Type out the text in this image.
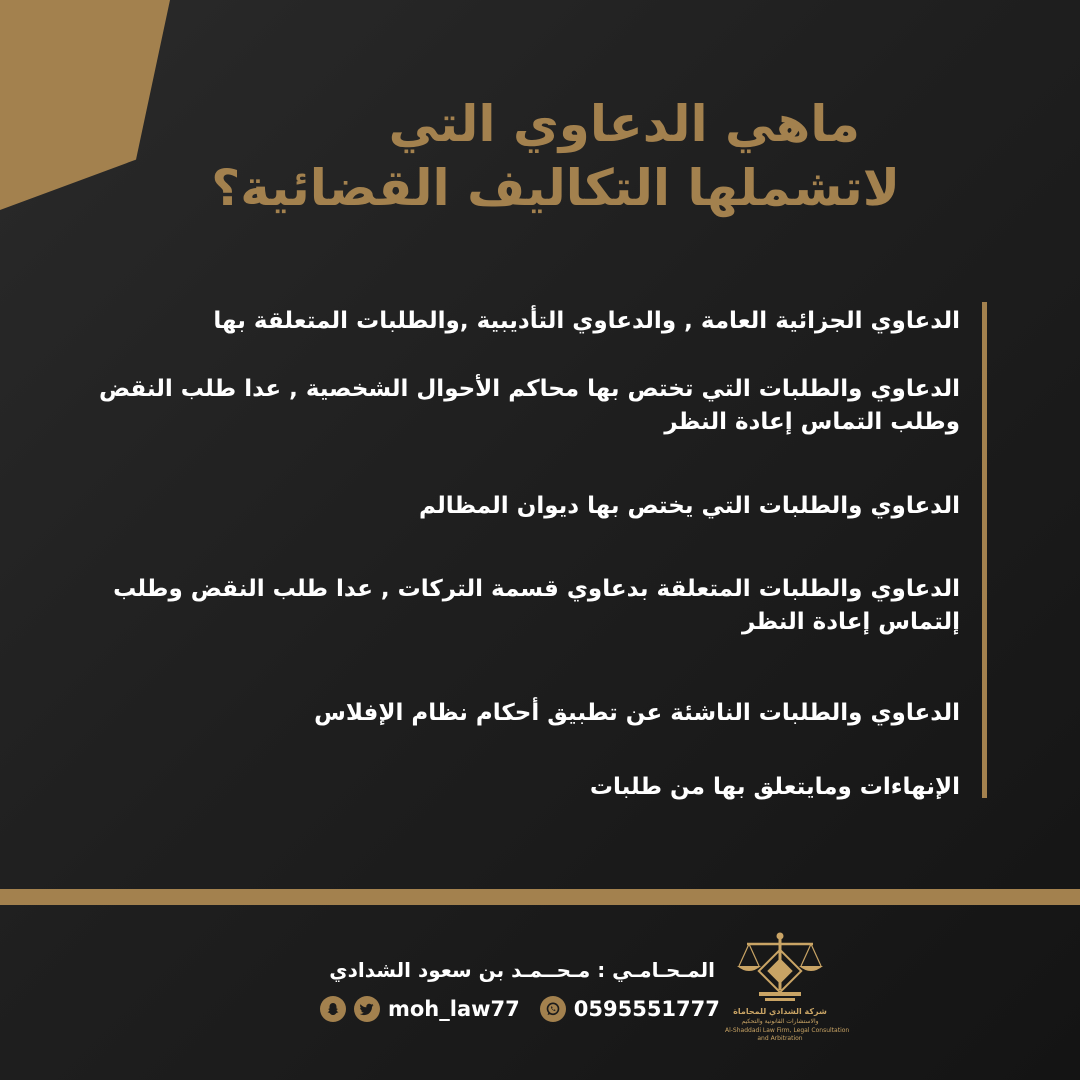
ماهي الدعاوي التي
لاتشملها التكاليف القضائية؟
الدعاوي الجزائية العامة , والدعاوي التأديبية ,والطلبات المتعلقة بها
الدعاوي والطلبات التي تختص بها محاكم الأحوال الشخصية , عدا طلب النقض وطلب التماس إعادة النظر
الدعاوي والطلبات التي يختص بها ديوان المظالم
الدعاوي والطلبات المتعلقة بدعاوي قسمة التركات , عدا طلب النقض وطلب إلتماس إعادة النظر
الدعاوي والطلبات الناشئة عن تطبيق أحكام نظام الإفلاس
الإنهاءات ومايتعلق بها من طلبات
المـحـامـي : مـحــمـد بن سعود الشدادي
moh_law77	0595551777	شركة الشدادي للمحاماة
والاستشارات القانونية والتحكيم
Al-Shaddadi Law Firm, Legal Consultation
and Arbitration
